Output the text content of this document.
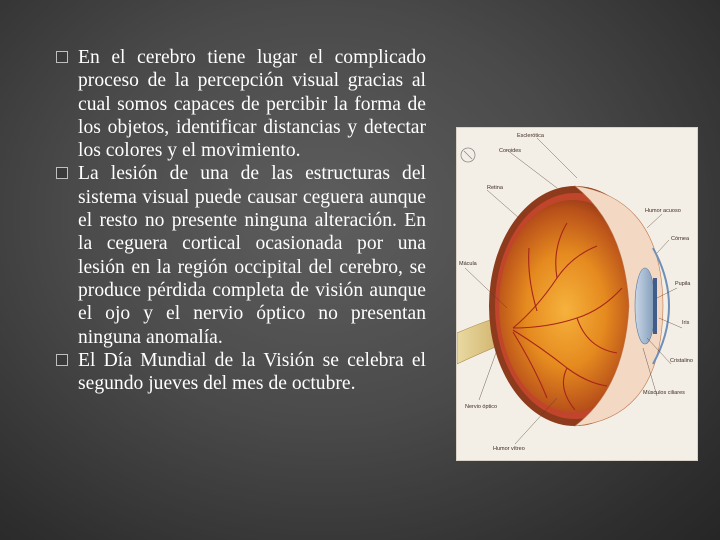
En el cerebro tiene lugar el complicado proceso de la percepción visual gracias al cual somos capaces de percibir la forma de los objetos, identificar distancias y detectar los colores y el movimiento.
La lesión de una de las estructuras del sistema visual puede causar ceguera aunque el resto no presente ninguna alteración. En la ceguera cortical ocasionada por una lesión en la región occipital del cerebro, se produce pérdida completa de visión aunque el ojo y el nervio óptico no presentan ninguna anomalía.
El Día Mundial de la Visión se celebra el segundo jueves del mes de octubre.
Esclerótica
Coroides
Retina
Humor acuoso
Córnea
Mácula
Pupila
Iris
Cristalino
Nervio óptico
Músculos ciliares
Humor vítreo
